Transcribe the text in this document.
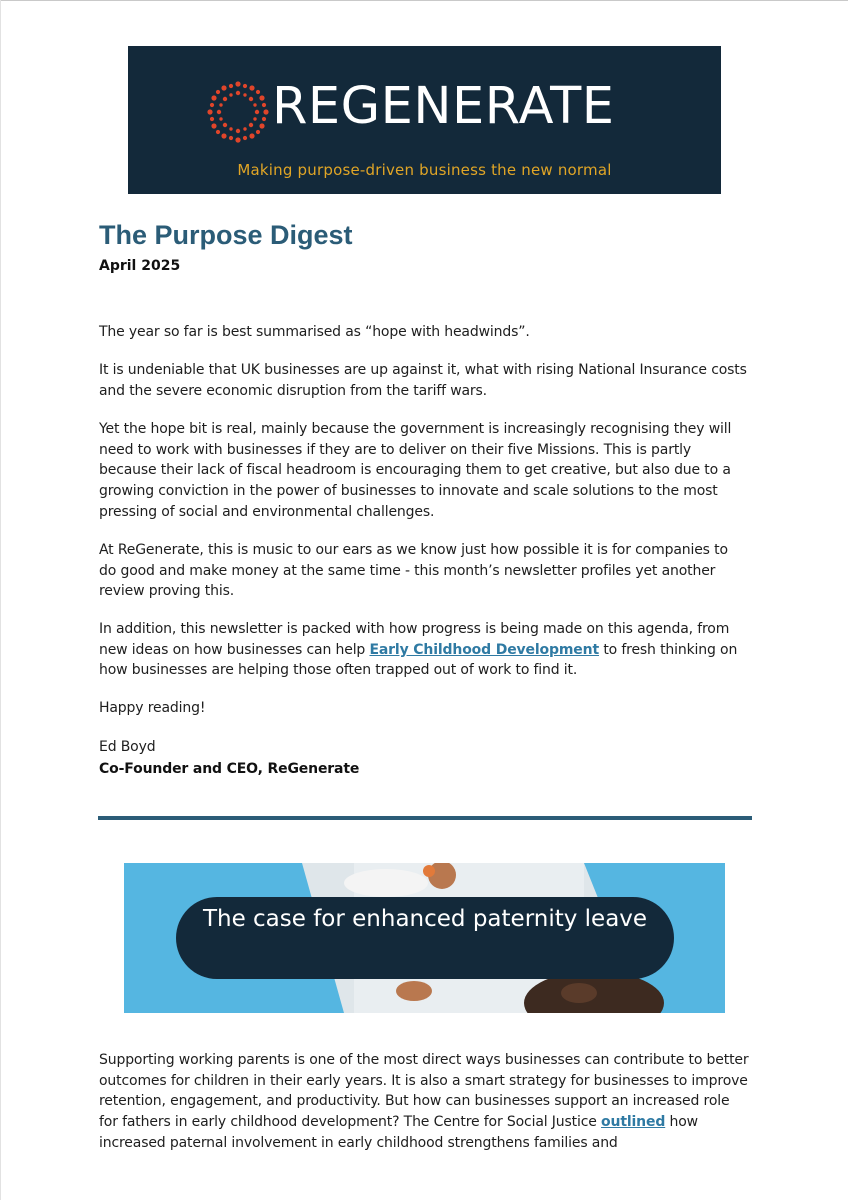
REGENERATE
Making purpose-driven business the new normal
The Purpose Digest
April 2025

The year so far is best summarised as “hope with headwinds”.

It is undeniable that UK businesses are up against it, what with rising National Insurance costs and the severe economic disruption from the tariff wars.

Yet the hope bit is real, mainly because the government is increasingly recognising they will need to work with businesses if they are to deliver on their five Missions. This is partly because their lack of fiscal headroom is encouraging them to get creative, but also due to a growing conviction in the power of businesses to innovate and scale solutions to the most pressing of social and environmental challenges.

At ReGenerate, this is music to our ears as we know just how possible it is for companies to do good and make money at the same time - this month’s newsletter profiles yet another review proving this.

In addition, this newsletter is packed with how progress is being made on this agenda, from new ideas on how businesses can help Early Childhood Development to fresh thinking on how businesses are helping those often trapped out of work to find it.

Happy reading!

Ed Boyd

Co-Founder and CEO, ReGenerate

The case for enhanced paternity leave

Supporting working parents is one of the most direct ways businesses can contribute to better outcomes for children in their early years. It is also a smart strategy for businesses to improve retention, engagement, and productivity. But how can businesses support an increased role for fathers in early childhood development? The Centre for Social Justice outlined how increased paternal involvement in early childhood strengthens families and
